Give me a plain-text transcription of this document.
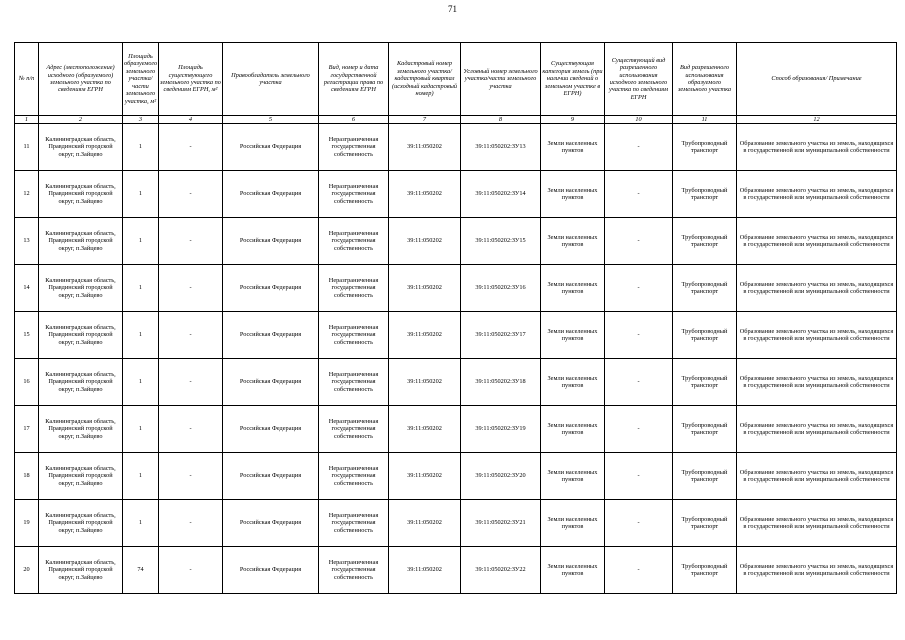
71
№ п/п	Адрес (местоположение) исходного (образуемого) земельного участка по сведениям ЕГРН	Площадь образуемого земельного участка/ части земельного участка, м²	Площадь существующего земельного участка по сведениям ЕГРН, м²	Правообладатель земельного участка	Вид, номер и дата государственной регистрации права по сведениям ЕГРН	Кадастровый номер земельного участка/ кадастровый квартал (исходный кадастровый номер)	Условный номер земельного участка/части земельного участка	Существующая категория земель (при наличии сведений о земельном участке в ЕГРН)	Существующий вид разрешенного использования исходного земельного участка по сведениям ЕГРН	Вид разрешенного использования образуемого земельного участка	Способ образования/ Примечание
1	2	3	4	5	6	7	8	9	10	11	12
11	Калининградская область, Правдинский городской округ, п.Зайцево	1	-	Российская Федерация	Неразграниченная государственная собственность	39:11:050202	39:11:050202:ЗУ13	Земли населенных пунктов	-	Трубопроводный транспорт	Образование земельного участка из земель, находящихся в государственной или муниципальной собственности
12	Калининградская область, Правдинский городской округ, п.Зайцево	1	-	Российская Федерация	Неразграниченная государственная собственность	39:11:050202	39:11:050202:ЗУ14	Земли населенных пунктов	-	Трубопроводный транспорт	Образование земельного участка из земель, находящихся в государственной или муниципальной собственности
13	Калининградская область, Правдинский городской округ, п.Зайцево	1	-	Российская Федерация	Неразграниченная государственная собственность	39:11:050202	39:11:050202:ЗУ15	Земли населенных пунктов	-	Трубопроводный транспорт	Образование земельного участка из земель, находящихся в государственной или муниципальной собственности
14	Калининградская область, Правдинский городской округ, п.Зайцево	1	-	Российская Федерация	Неразграниченная государственная собственность	39:11:050202	39:11:050202:ЗУ16	Земли населенных пунктов	-	Трубопроводный транспорт	Образование земельного участка из земель, находящихся в государственной или муниципальной собственности
15	Калининградская область, Правдинский городской округ, п.Зайцево	1	-	Российская Федерация	Неразграниченная государственная собственность	39:11:050202	39:11:050202:ЗУ17	Земли населенных пунктов	-	Трубопроводный транспорт	Образование земельного участка из земель, находящихся в государственной или муниципальной собственности
16	Калининградская область, Правдинский городской округ, п.Зайцево	1	-	Российская Федерация	Неразграниченная государственная собственность	39:11:050202	39:11:050202:ЗУ18	Земли населенных пунктов	-	Трубопроводный транспорт	Образование земельного участка из земель, находящихся в государственной или муниципальной собственности
17	Калининградская область, Правдинский городской округ, п.Зайцево	1	-	Российская Федерация	Неразграниченная государственная собственность	39:11:050202	39:11:050202:ЗУ19	Земли населенных пунктов	-	Трубопроводный транспорт	Образование земельного участка из земель, находящихся в государственной или муниципальной собственности
18	Калининградская область, Правдинский городской округ, п.Зайцево	1	-	Российская Федерация	Неразграниченная государственная собственность	39:11:050202	39:11:050202:ЗУ20	Земли населенных пунктов	-	Трубопроводный транспорт	Образование земельного участка из земель, находящихся в государственной или муниципальной собственности
19	Калининградская область, Правдинский городской округ, п.Зайцево	1	-	Российская Федерация	Неразграниченная государственная собственность	39:11:050202	39:11:050202:ЗУ21	Земли населенных пунктов	-	Трубопроводный транспорт	Образование земельного участка из земель, находящихся в государственной или муниципальной собственности
20	Калининградская область, Правдинский городской округ, п.Зайцево	74	-	Российская Федерация	Неразграниченная государственная собственность	39:11:050202	39:11:050202:ЗУ22	Земли населенных пунктов	-	Трубопроводный транспорт	Образование земельного участка из земель, находящихся в государственной или муниципальной собственности
